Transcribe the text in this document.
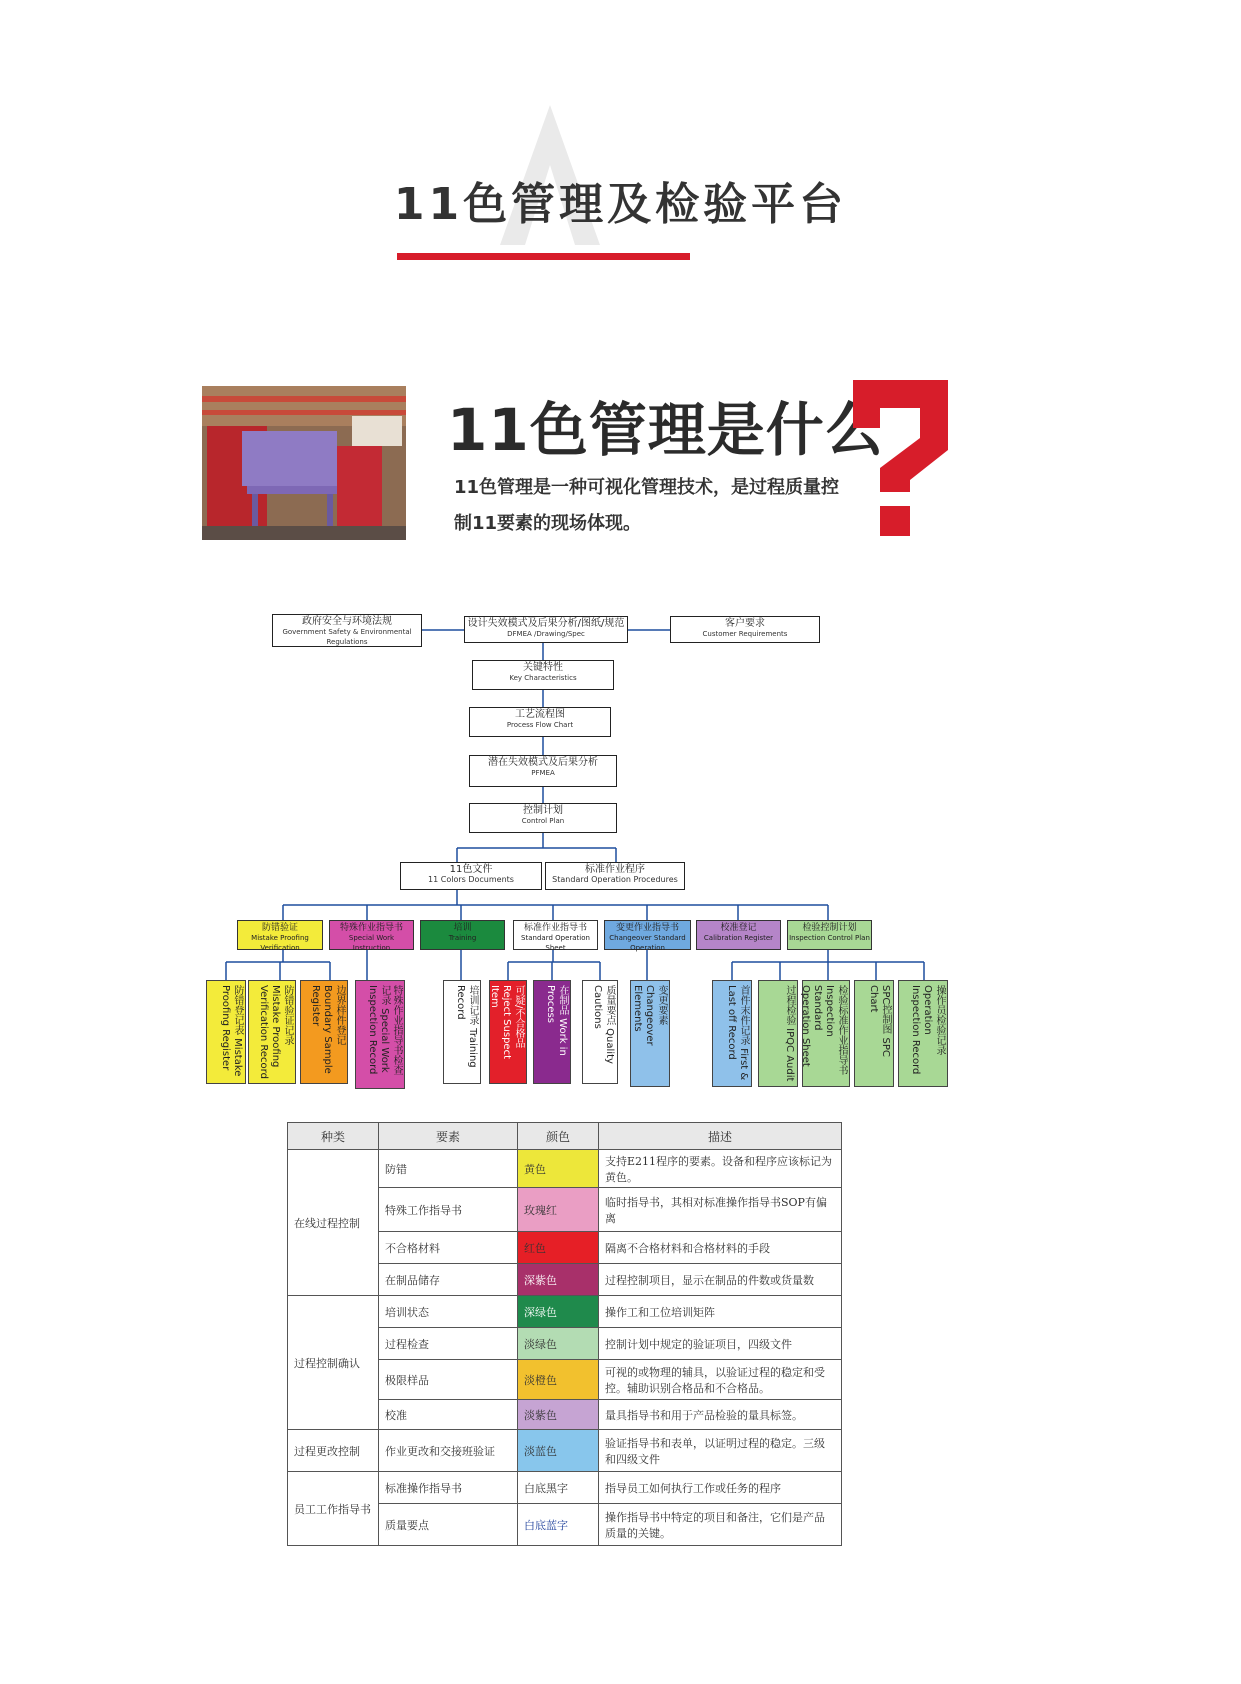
11色管理及检验平台
11色管理是什么
11色管理是一种可视化管理技术，是过程质量控制11要素的现场体现。
政府安全与环境法规
Government Safety & Environmental Regulations
设计失效模式及后果分析/图纸/规范
DFMEA /Drawing/Spec
客户要求
Customer Requirements
关键特性
Key Characteristics
工艺流程图
Process Flow Chart
潜在失效模式及后果分析
PFMEA
控制计划
Control Plan
11色文件
11 Colors Documents
标准作业程序
Standard Operation Procedures
防错验证
Mistake Proofing Verification
特殊作业指导书
Special Work Instruction
培训
Training
标准作业指导书
Standard Operation Sheet
变更作业指导书
Changeover Standard Operation
校准登记
Calibration Register
检验控制计划
Inspection Control Plan
防错登记表 Mistake Proofing Register	防错验证记录 Mistake Proofing Verification Record	边界样件登记 Boundary Sample Register	特殊作业指导书检查记录 Special Work Inspection Record	培训记录 Training Record	可疑/不合格品 Reject Suspect Item	在制品 Work in Process	质量要点 Quality Cautions	变更要素 Changeover Elements	首件末件记录 First & Last off Record	过程检验 IPQC Audit	检验标准作业指导书 Inspection Standard Operation Sheet	SPC控制图 SPC Chart	操作员检验记录 Operation Inspection Record
种类	要素	颜色	描述
在线过程控制	防错	黄色	支持E211程序的要素。设备和程序应该标记为黄色。
	特殊工作指导书	玫瑰红	临时指导书，其相对标准操作指导书SOP有偏离
	不合格材料	红色	隔离不合格材料和合格材料的手段
	在制品储存	深紫色	过程控制项目，显示在制品的件数或货量数
过程控制确认	培训状态	深绿色	操作工和工位培训矩阵
	过程检查	淡绿色	控制计划中规定的验证项目，四级文件
	极限样品	淡橙色	可视的或物理的辅具，以验证过程的稳定和受控。辅助识别合格品和不合格品。
	校准	淡紫色	量具指导书和用于产品检验的量具标签。
过程更改控制	作业更改和交接班验证	淡蓝色	验证指导书和表单，以证明过程的稳定。三级和四级文件
员工工作指导书	标准操作指导书	白底黑字	指导员工如何执行工作或任务的程序
	质量要点	白底蓝字	操作指导书中特定的项目和备注，它们是产品质量的关键。
